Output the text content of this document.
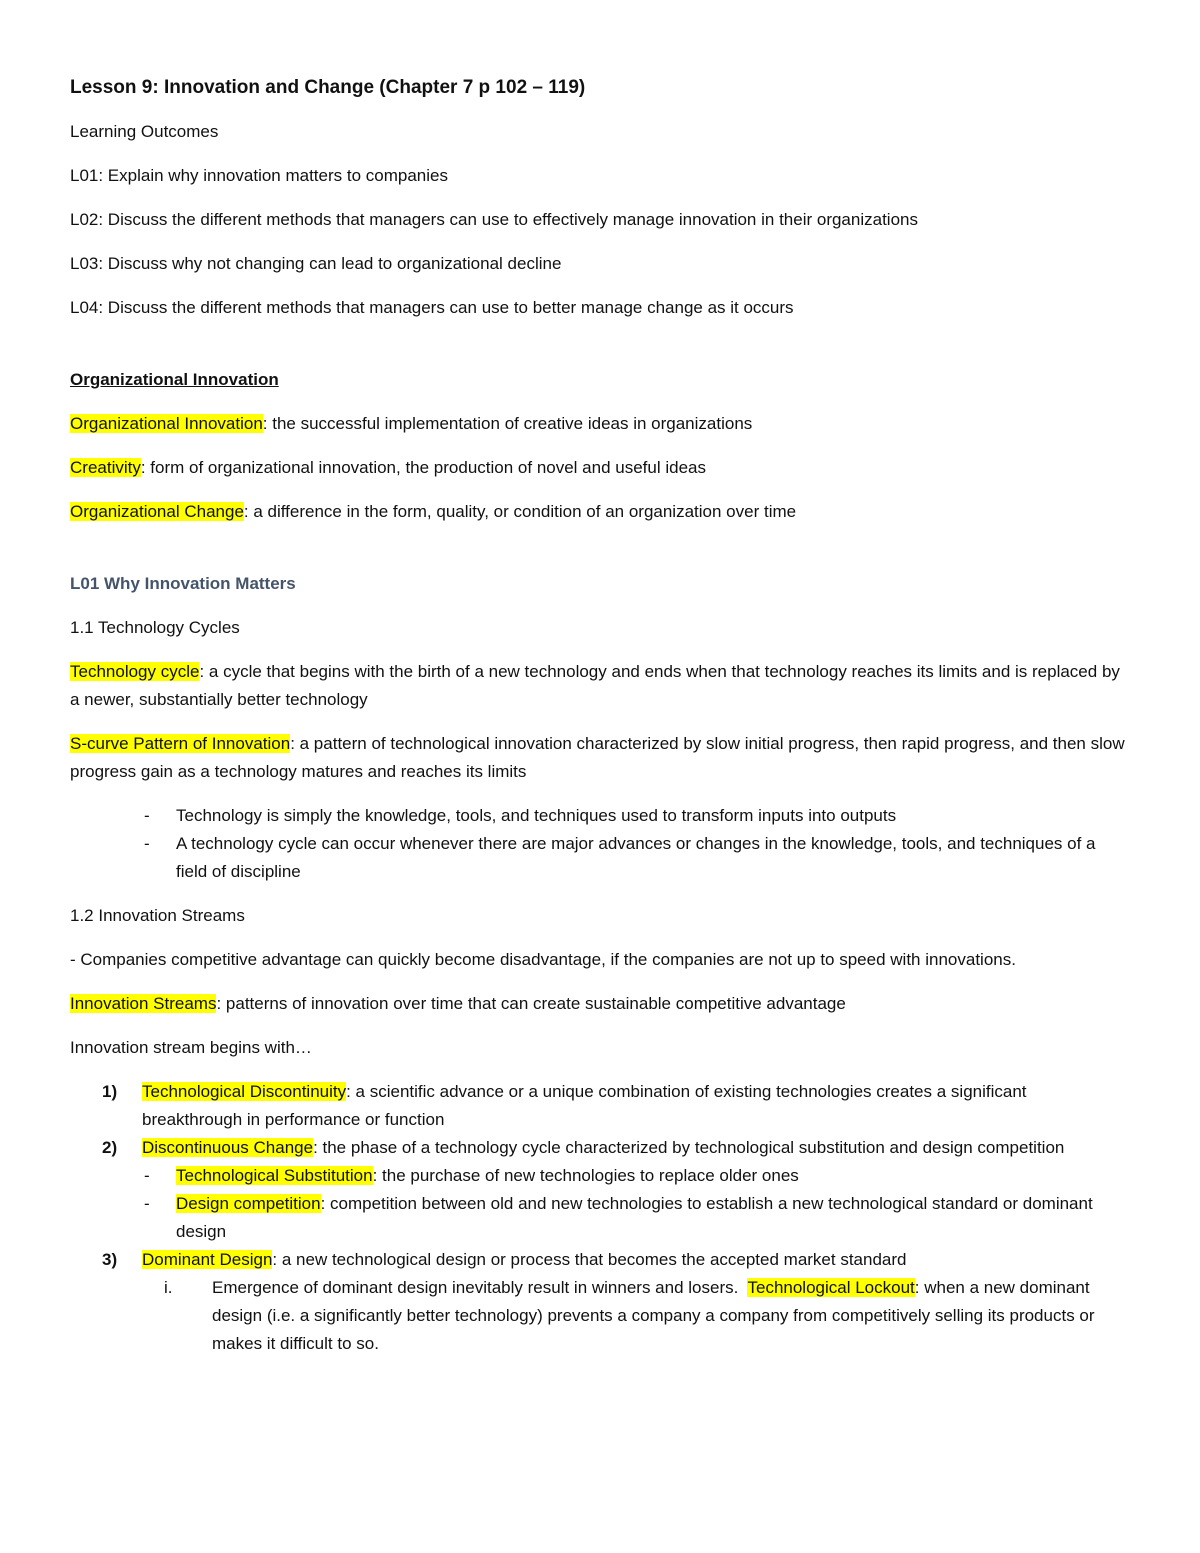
Lesson 9: Innovation and Change (Chapter 7 p 102 – 119)

Learning Outcomes

L01: Explain why innovation matters to companies

L02: Discuss the different methods that managers can use to effectively manage innovation in their organizations

L03: Discuss why not changing can lead to organizational decline

L04: Discuss the different methods that managers can use to better manage change as it occurs

Organizational Innovation

Organizational Innovation: the successful implementation of creative ideas in organizations

Creativity: form of organizational innovation, the production of novel and useful ideas

Organizational Change: a difference in the form, quality, or condition of an organization over time

L01 Why Innovation Matters

1.1 Technology Cycles

Technology cycle: a cycle that begins with the birth of a new technology and ends when that technology reaches its limits and is replaced by a newer, substantially better technology

S-curve Pattern of Innovation: a pattern of technological innovation characterized by slow initial progress, then rapid progress, and then slow progress gain as a technology matures and reaches its limits

- Technology is simply the knowledge, tools, and techniques used to transform inputs into outputs
- A technology cycle can occur whenever there are major advances or changes in the knowledge, tools, and techniques of a field of discipline

1.2 Innovation Streams

- Companies competitive advantage can quickly become disadvantage, if the companies are not up to speed with innovations.

Innovation Streams: patterns of innovation over time that can create sustainable competitive advantage

Innovation stream begins with…

1) Technological Discontinuity: a scientific advance or a unique combination of existing technologies creates a significant breakthrough in performance or function
2) Discontinuous Change: the phase of a technology cycle characterized by technological substitution and design competition
- Technological Substitution: the purchase of new technologies to replace older ones
- Design competition: competition between old and new technologies to establish a new technological standard or dominant design
3) Dominant Design: a new technological design or process that becomes the accepted market standard
i. Emergence of dominant design inevitably result in winners and losers.  Technological Lockout: when a new dominant design (i.e. a significantly better technology) prevents a company a company from competitively selling its products or makes it difficult to so.
